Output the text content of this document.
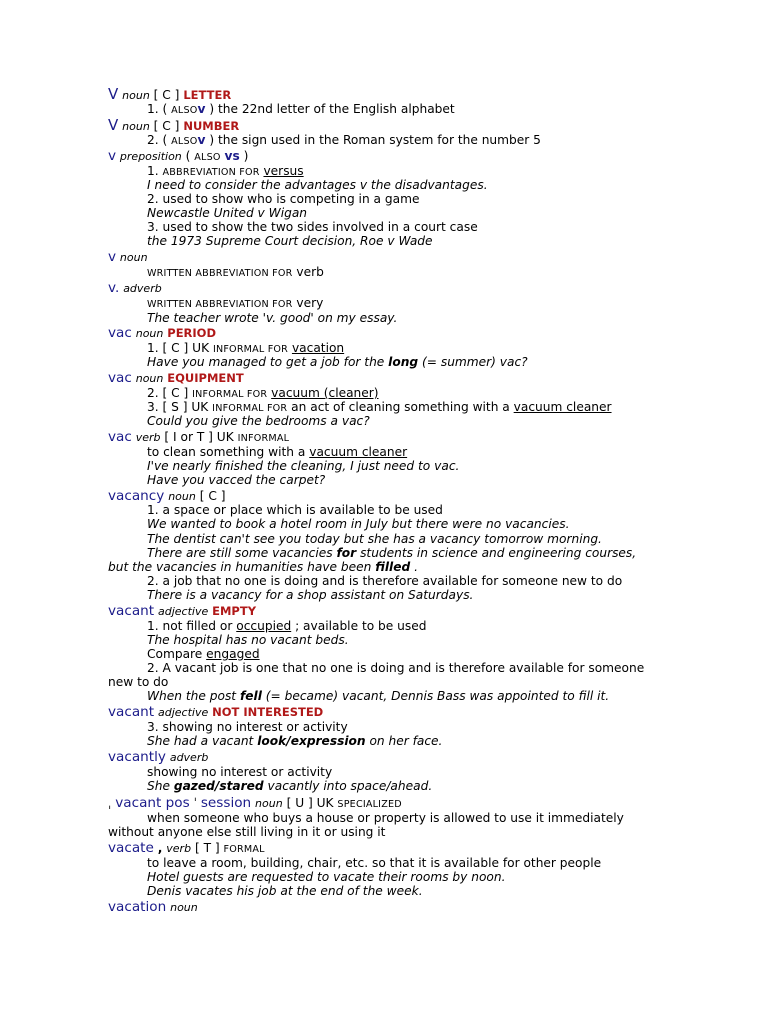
V noun [ C ] LETTER
1. ( ALSOv ) the 22nd letter of the English alphabet
V noun [ C ] NUMBER
2. ( ALSOv ) the sign used in the Roman system for the number 5
v preposition ( ALSO vs )
1. ABBREVIATION FOR versus
I need to consider the advantages v the disadvantages.
2. used to show who is competing in a game
Newcastle United v Wigan
3. used to show the two sides involved in a court case
the 1973 Supreme Court decision, Roe v Wade
v noun
WRITTEN ABBREVIATION FOR verb
v. adverb
WRITTEN ABBREVIATION FOR very
The teacher wrote 'v. good' on my essay.
vac noun PERIOD
1. [ C ] UK INFORMAL FOR vacation
Have you managed to get a job for the long (= summer) vac?
vac noun EQUIPMENT
2. [ C ] INFORMAL FOR vacuum (cleaner)
3. [ S ] UK INFORMAL FOR an act of cleaning something with a vacuum cleaner
Could you give the bedrooms a vac?
vac verb [ I or T ] UK INFORMAL
to clean something with a vacuum cleaner
I've nearly finished the cleaning, I just need to vac.
Have you vacced the carpet?
vacancy noun [ C ]
1. a space or place which is available to be used
We wanted to book a hotel room in July but there were no vacancies.
The dentist can't see you today but she has a vacancy tomorrow morning.
There are still some vacancies for students in science and engineering courses,
but the vacancies in humanities have been filled .
2. a job that no one is doing and is therefore available for someone new to do
There is a vacancy for a shop assistant on Saturdays.
vacant adjective EMPTY
1. not filled or occupied ; available to be used
The hospital has no vacant beds.
Compare engaged
2. A vacant job is one that no one is doing and is therefore available for someone
new to do
When the post fell (= became) vacant, Dennis Bass was appointed to fill it.
vacant adjective NOT INTERESTED
3. showing no interest or activity
She had a vacant look/expression on her face.
vacantly adverb
showing no interest or activity
She gazed/stared vacantly into space/ahead.
ˌ vacant pos ˈ session noun [ U ] UK SPECIALIZED
when someone who buys a house or property is allowed to use it immediately
without anyone else still living in it or using it
vacate , verb [ T ] FORMAL
to leave a room, building, chair, etc. so that it is available for other people
Hotel guests are requested to vacate their rooms by noon.
Denis vacates his job at the end of the week.
vacation noun
